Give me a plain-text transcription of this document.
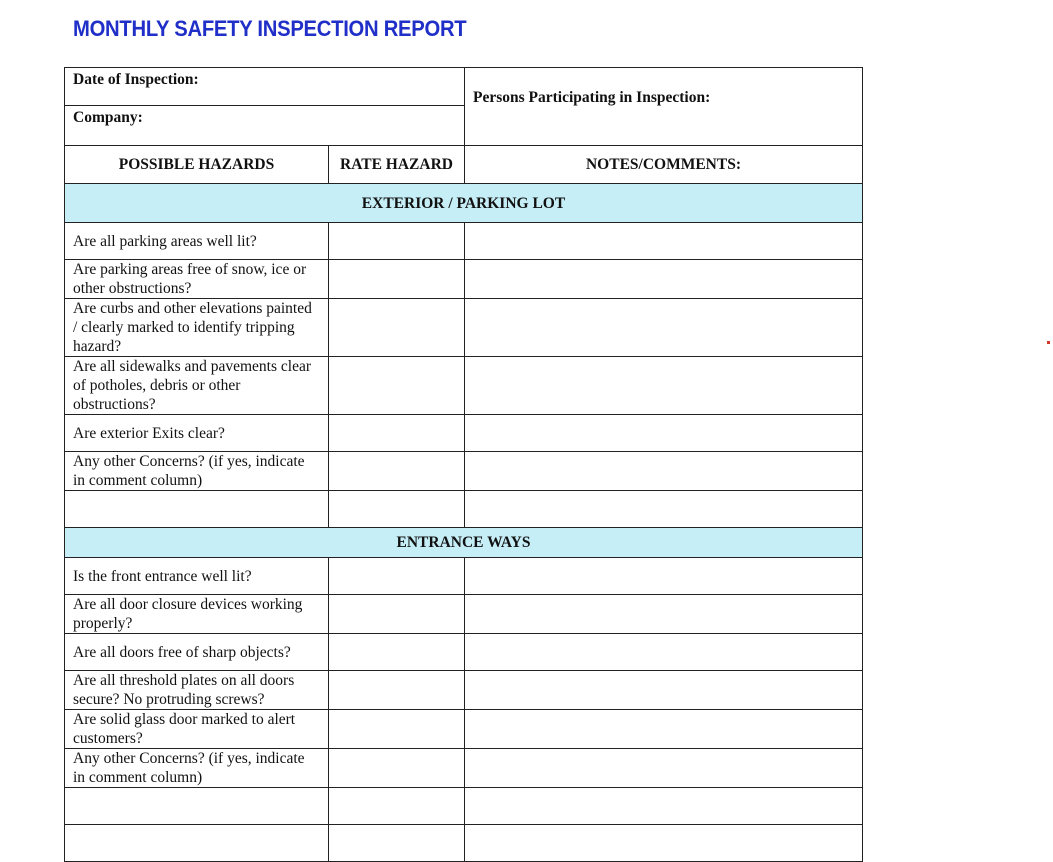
MONTHLY SAFETY INSPECTION REPORT
Date of Inspection:		Persons Participating in Inspection:
Company:		
POSSIBLE HAZARDS	RATE HAZARD	NOTES/COMMENTS:
EXTERIOR / PARKING LOT		
Are all parking areas well lit?		
Are parking areas free of snow, ice or other obstructions?		
Are curbs and other elevations painted / clearly marked to identify tripping hazard?		
Are all sidewalks and pavements clear of potholes, debris or other obstructions?		
Are exterior Exits clear?		
Any other Concerns? (if yes, indicate in comment column)		

ENTRANCE WAYS		
Is the front entrance well lit?		
Are all door closure devices working properly?		
Are all doors free of sharp objects?		
Are all threshold plates on all doors secure? No protruding screws?		
Are solid glass door marked to alert customers?		
Any other Concerns? (if yes, indicate in comment column)		
